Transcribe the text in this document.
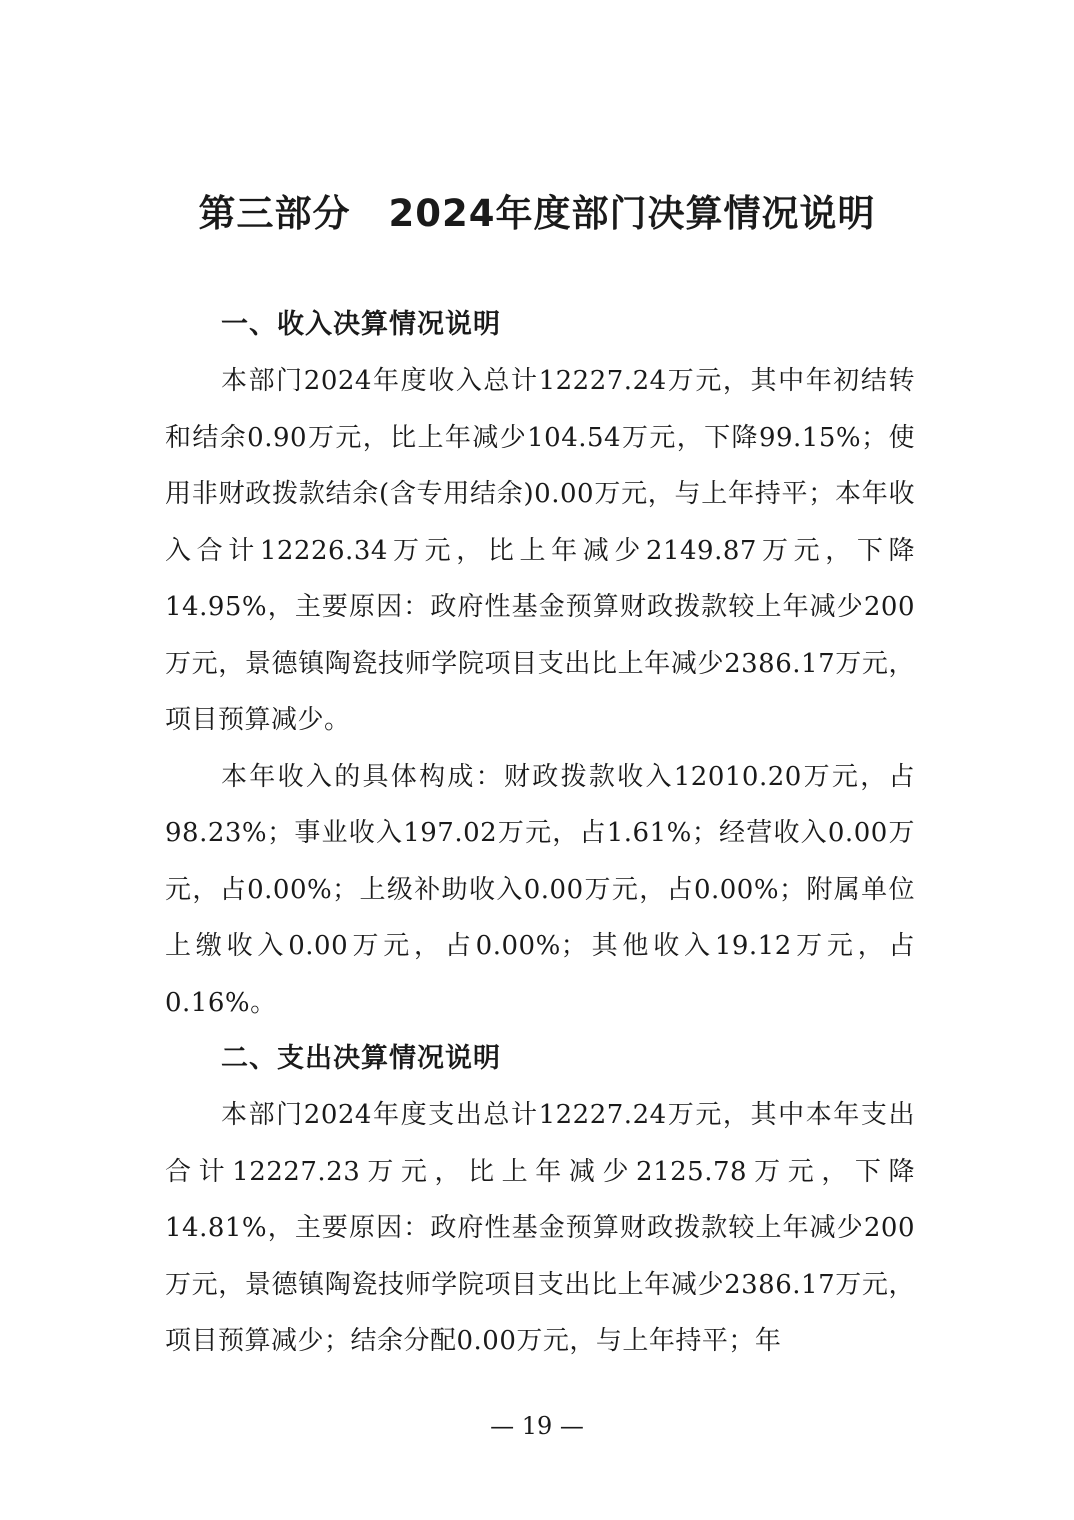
第三部分　2024年度部门决算情况说明
一、收入决算情况说明

本部门2024年度收入总计12227.24万元，其中年初结转和结余0.90万元，比上年减少104.54万元，下降99.15%；使用非财政拨款结余(含专用结余)0.00万元，与上年持平；本年收入合计12226.34万元，比上年减少2149.87万元，下降14.95%，主要原因：政府性基金预算财政拨款较上年减少200万元，景德镇陶瓷技师学院项目支出比上年减少2386.17万元，项目预算减少。

本年收入的具体构成：财政拨款收入12010.20万元，占98.23%；事业收入197.02万元，占1.61%；经营收入0.00万元，占0.00%；上级补助收入0.00万元，占0.00%；附属单位上缴收入0.00万元，占0.00%；其他收入19.12万元，占0.16%。

二、支出决算情况说明

本部门2024年度支出总计12227.24万元，其中本年支出合计12227.23万元，比上年减少2125.78万元，下降14.81%，主要原因：政府性基金预算财政拨款较上年减少200万元，景德镇陶瓷技师学院项目支出比上年减少2386.17万元，项目预算减少；结余分配0.00万元，与上年持平；年

— 19 —
